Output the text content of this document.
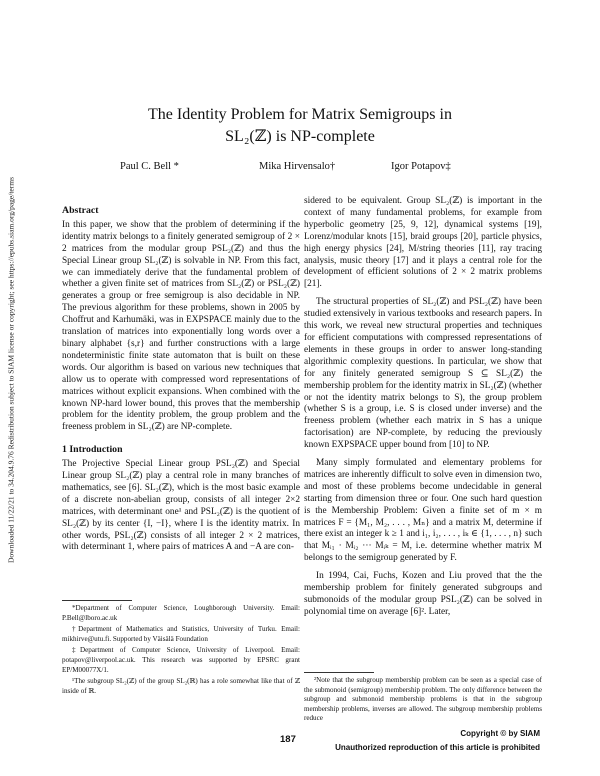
Downloaded 11/22/21 to 34.204.9.76 Redistribution subject to SIAM license or copyright; see https://epubs.siam.org/page/terms
The Identity Problem for Matrix Semigroups in
SL₂(ℤ) is NP-complete
Paul C. Bell *	Mika Hirvensalo†	Igor Potapov‡
Abstract

In this paper, we show that the problem of determining if the identity matrix belongs to a finitely generated semigroup of 2 × 2 matrices from the modular group PSL₂(ℤ) and thus the Special Linear group SL₂(ℤ) is solvable in NP. From this fact, we can immediately derive that the fundamental problem of whether a given finite set of matrices from SL₂(ℤ) or PSL₂(ℤ) generates a group or free semigroup is also decidable in NP. The previous algorithm for these problems, shown in 2005 by Choffrut and Karhumäki, was in EXPSPACE mainly due to the translation of matrices into exponentially long words over a binary alphabet {s,r} and further constructions with a large nondeterministic finite state automaton that is built on these words. Our algorithm is based on various new techniques that allow us to operate with compressed word representations of matrices without explicit expansions. When combined with the known NP-hard lower bound, this proves that the membership problem for the identity problem, the group problem and the freeness problem in SL₂(ℤ) are NP-complete.

1 Introduction

The Projective Special Linear group PSL₂(ℤ) and Special Linear group SL₂(ℤ) play a central role in many branches of mathematics, see [6]. SL₂(ℤ), which is the most basic example of a discrete non-abelian group, consists of all integer 2×2 matrices, with determinant one¹ and PSL₂(ℤ) is the quotient of SL₂(ℤ) by its center {I, −I}, where I is the identity matrix. In other words, PSL₂(ℤ) consists of all integer 2 × 2 matrices, with determinant 1, where pairs of matrices A and −A are con-

*Department of Computer Science, Loughborough University. Email: P.Bell@lboro.ac.uk

†Department of Mathematics and Statistics, University of Turku. Email: mikhirve@utu.fi. Supported by Väisälä Foundation

‡Department of Computer Science, University of Liverpool. Email: potapov@liverpool.ac.uk. This research was supported by EPSRC grant EP/M00077X/1.

¹The subgroup SL₂(ℤ) of the group SL₂(ℝ) has a role somewhat like that of ℤ inside of ℝ.

sidered to be equivalent. Group SL₂(ℤ) is important in the context of many fundamental problems, for example from hyperbolic geometry [25, 9, 12], dynamical systems [19], Lorenz/modular knots [15], braid groups [20], particle physics, high energy physics [24], M/string theories [11], ray tracing analysis, music theory [17] and it plays a central role for the development of efficient solutions of 2 × 2 matrix problems [21].

The structural properties of SL₂(ℤ) and PSL₂(ℤ) have been studied extensively in various textbooks and research papers. In this work, we reveal new structural properties and techniques for efficient computations with compressed representations of elements in these groups in order to answer long-standing algorithmic complexity questions. In particular, we show that for any finitely generated semigroup S ⊆ SL₂(ℤ) the membership problem for the identity matrix in SL₂(ℤ) (whether or not the identity matrix belongs to S), the group problem (whether S is a group, i.e. S is closed under inverse) and the freeness problem (whether each matrix in S has a unique factorisation) are NP-complete, by reducing the previously known EXPSPACE upper bound from [10] to NP.

Many simply formulated and elementary problems for matrices are inherently difficult to solve even in dimension two, and most of these problems become undecidable in general starting from dimension three or four. One such hard question is the Membership Problem: Given a finite set of m × m matrices F = {M₁, M₂, . . . , Mₙ} and a matrix M, determine if there exist an integer k ≥ 1 and i₁, i₂, . . . , iₖ ∈ {1, . . . , n} such that Mᵢ₁ · Mᵢ₂ ··· Mᵢₖ = M, i.e. determine whether matrix M belongs to the semigroup generated by F.

In 1994, Cai, Fuchs, Kozen and Liu proved that the the membership problem for finitely generated subgroups and submonoids of the modular group PSL₂(ℤ) can be solved in polynomial time on average [6]². Later,

²Note that the subgroup membership problem can be seen as a special case of the submonoid (semigroup) membership problem. The only difference between the subgroup and submonoid membership problems is that in the subgroup membership problems, inverses are allowed. The subgroup membership problems reduce

187
Copyright © by SIAM
Unauthorized reproduction of this article is prohibited
